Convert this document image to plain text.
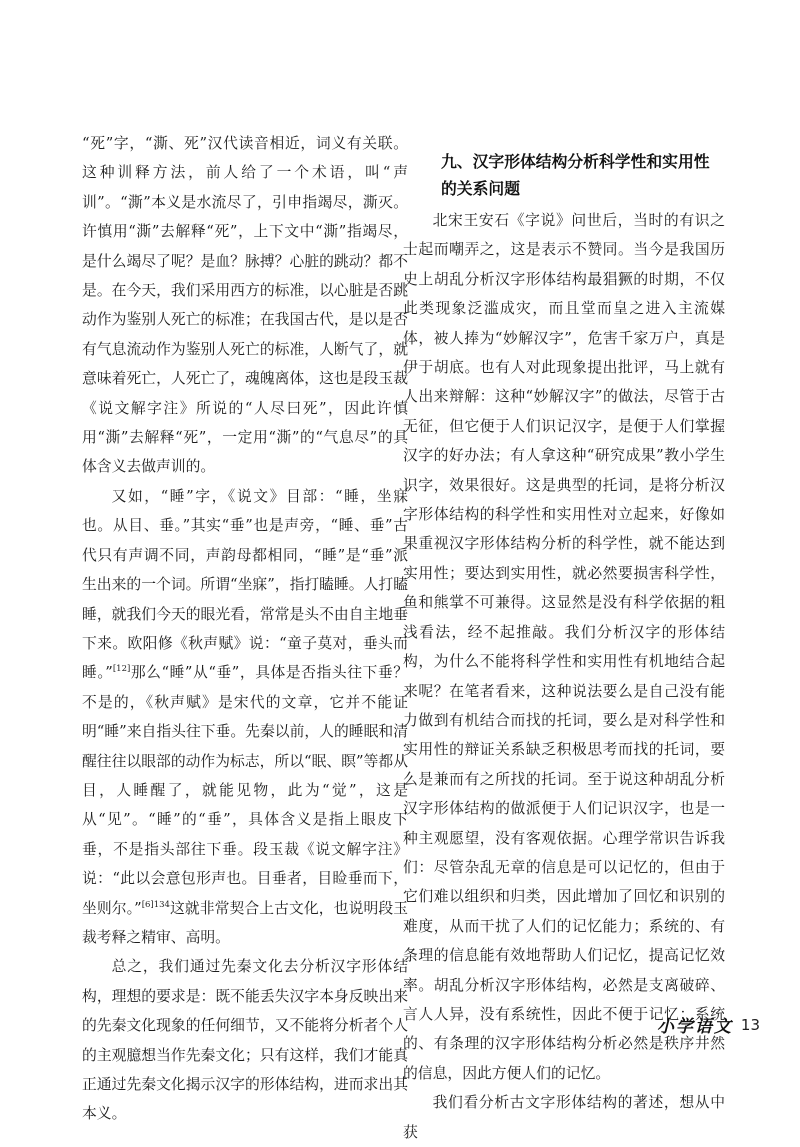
“死”字，“澌、死”汉代读音相近，词义有关联。这种训释方法，前人给了一个术语，叫“声训”。“澌”本义是水流尽了，引申指竭尽，澌灭。许慎用“澌”去解释“死”，上下文中“澌”指竭尽，是什么竭尽了呢？是血？脉搏？心脏的跳动？都不是。在今天，我们采用西方的标准，以心脏是否跳动作为鉴别人死亡的标准；在我国古代，是以是否有气息流动作为鉴别人死亡的标准，人断气了，就意味着死亡，人死亡了，魂魄离体，这也是段玉裁《说文解字注》所说的“人尽曰死”，因此许慎用“澌”去解释“死”，一定用“澌”的“气息尽”的具体含义去做声训的。

又如，“睡”字，《说文》目部：“睡，坐寐也。从目、垂。”其实“垂”也是声旁，“睡、垂”古代只有声调不同，声韵母都相同，“睡”是“垂”派生出来的一个词。所谓“坐寐”，指打瞌睡。人打瞌睡，就我们今天的眼光看，常常是头不由自主地垂下来。欧阳修《秋声赋》说：“童子莫对，垂头而睡。”[12]那么“睡”从“垂”，具体是否指头往下垂？不是的，《秋声赋》是宋代的文章，它并不能证明“睡”来自指头往下垂。先秦以前，人的睡眠和清醒往往以眼部的动作为标志，所以“眠、瞑”等都从目，人睡醒了，就能见物，此为“觉”，这是从“见”。“睡”的“垂”，具体含义是指上眼皮下垂，不是指头部往下垂。段玉裁《说文解字注》说：“此以会意包形声也。目垂者，目睑垂而下，坐则尔。”$^{[6]134}$这就非常契合上古文化，也说明段玉裁考释之精审、高明。

总之，我们通过先秦文化去分析汉字形体结构，理想的要求是：既不能丢失汉字本身反映出来的先秦文化现象的任何细节，又不能将分析者个人的主观臆想当作先秦文化；只有这样，我们才能真正通过先秦文化揭示汉字的形体结构，进而求出其本义。

九、汉字形体结构分析科学性和实用性的关系问题

北宋王安石《字说》问世后，当时的有识之士起而嘲弄之，这是表示不赞同。当今是我国历史上胡乱分析汉字形体结构最猖獗的时期，不仅此类现象泛滥成灾，而且堂而皇之进入主流媒体，被人捧为“妙解汉字”，危害千家万户，真是伊于胡底。也有人对此现象提出批评，马上就有人出来辩解：这种“妙解汉字”的做法，尽管于古无征，但它便于人们识记汉字，是便于人们掌握汉字的好办法；有人拿这种“研究成果”教小学生识字，效果很好。这是典型的托词，是将分析汉字形体结构的科学性和实用性对立起来，好像如果重视汉字形体结构分析的科学性，就不能达到实用性；要达到实用性，就必然要损害科学性，鱼和熊掌不可兼得。这显然是没有科学依据的粗浅看法，经不起推敲。我们分析汉字的形体结构，为什么不能将科学性和实用性有机地结合起来呢？在笔者看来，这种说法要么是自己没有能力做到有机结合而找的托词，要么是对科学性和实用性的辩证关系缺乏积极思考而找的托词，要么是兼而有之所找的托词。至于说这种胡乱分析汉字形体结构的做派便于人们记识汉字，也是一种主观愿望，没有客观依据。心理学常识告诉我们：尽管杂乱无章的信息是可以记忆的，但由于它们难以组织和归类，因此增加了回忆和识别的难度，从而干扰了人们的记忆能力；系统的、有条理的信息能有效地帮助人们记忆，提高记忆效率。胡乱分析汉字形体结构，必然是支离破碎、言人人异，没有系统性，因此不便于记忆；系统的、有条理的汉字形体结构分析必然是秩序井然的信息，因此方便人们的记忆。

我们看分析古文字形体结构的著述，想从中获

小学语文 13
